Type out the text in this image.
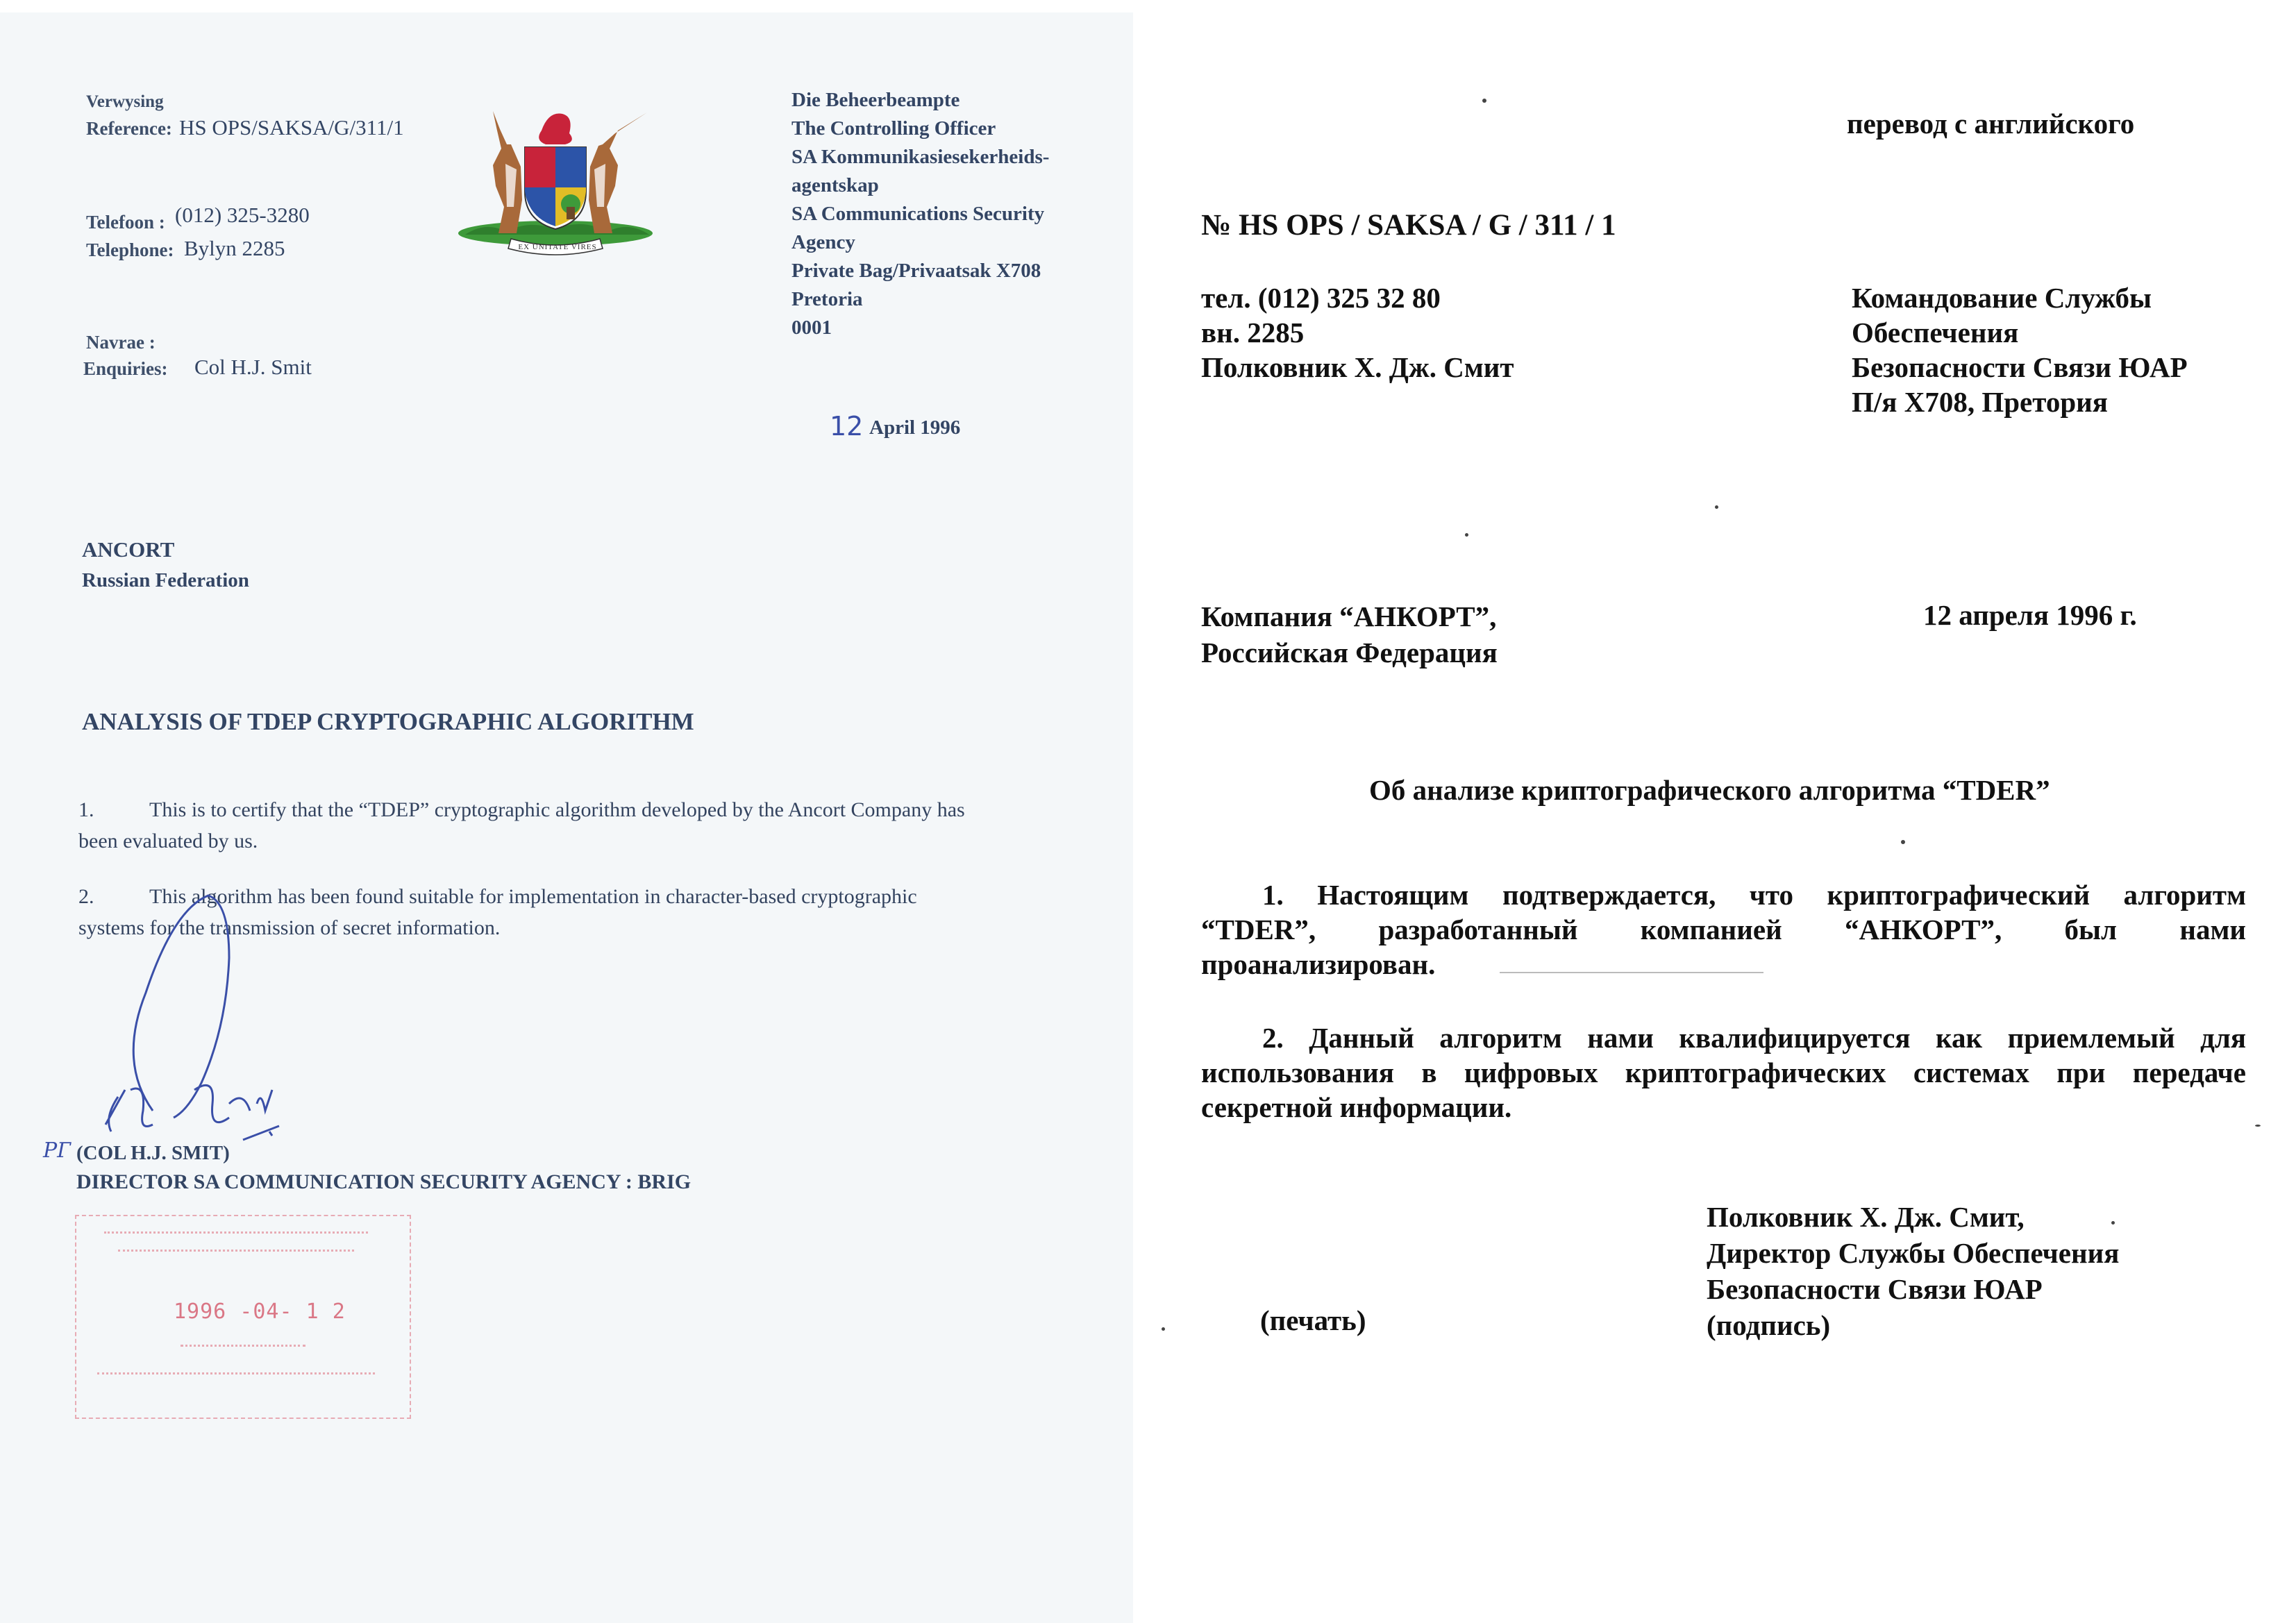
Verwysing
Reference: HS OPS/SAKSA/G/311/1
Telefoon : (012) 325-3280
Telephone: Bylyn 2285
Navrae :
Enquiries: Col H.J. Smit
EX UNITATE VIRES
Die Beheerbeampte
The Controlling Officer
SA Kommunikasiesekerheids-
agentskap
SA Communications Security
Agency
Private Bag/Privaatsak X708
Pretoria
0001
12 April 1996
ANCORT
Russian Federation
ANALYSIS OF TDEP CRYPTOGRAPHIC ALGORITHM
1.	This is to certify that the “TDEP” cryptographic algorithm developed by the Ancort Company has
been evaluated by us.
2.	This algorithm has been found suitable for implementation in character-based cryptographic
systems for the transmission of secret information.
РГ (COL H.J. SMIT)
DIRECTOR SA COMMUNICATION SECURITY AGENCY : BRIG
1996 -04- 1 2
перевод с английского
№ HS OPS / SAKSA / G / 311 / 1
тел. (012) 325 32 80
вн. 2285
Полковник Х. Дж. Смит
Командование Службы
Обеспечения
Безопасности Связи ЮАР
П/я Х708, Претория
Компания “АНКОРТ”,
Российская Федерация
12 апреля 1996 г.
Об анализе криптографического алгоритма “TDER”
1. Настоящим подтверждается, что криптографический алгоритм
“TDER”, разработанный компанией “АНКОРТ”, был нами
проанализирован.
2. Данный алгоритм нами квалифицируется как приемлемый для
использования в цифровых криптографических системах при передаче
секретной информации.
Полковник Х. Дж. Смит,
Директор Службы Обеспечения
Безопасности Связи ЮАР
(подпись)
(печать)
